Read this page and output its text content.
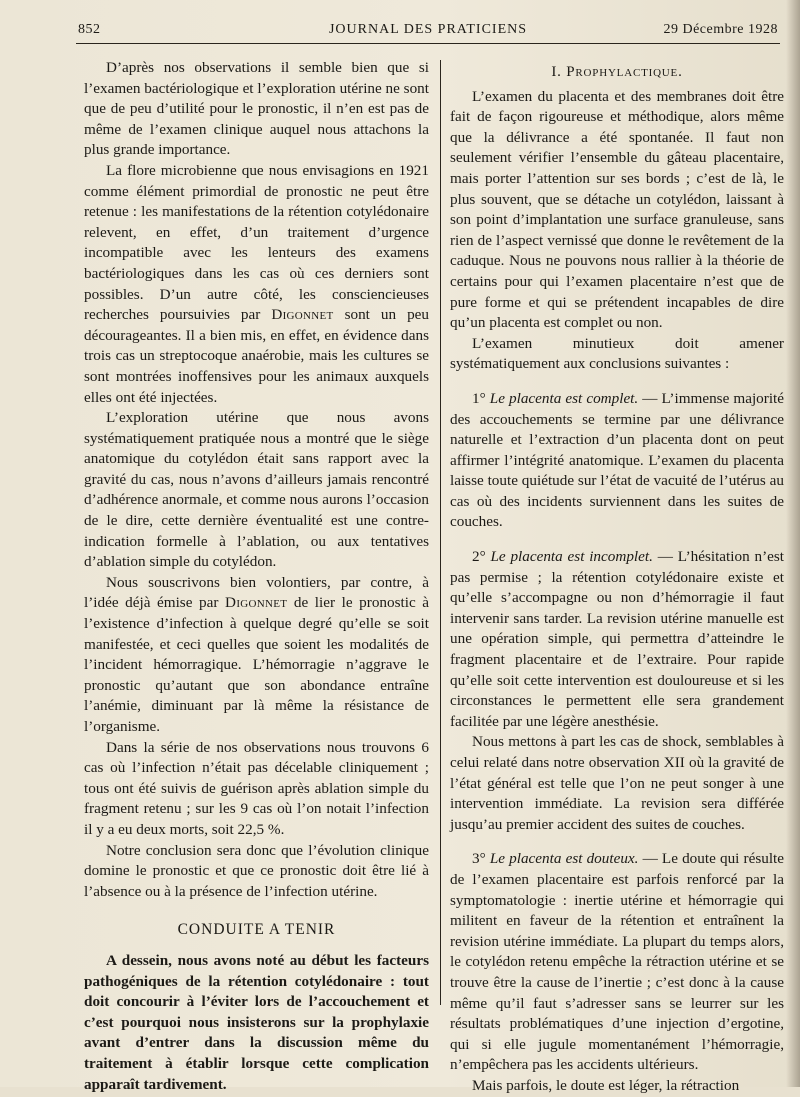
852	JOURNAL DES PRATICIENS	29 Décembre 1928

D’après nos observations il semble bien que si l’examen bactériologique et l’exploration utérine ne sont que de peu d’utilité pour le pronostic, il n’en est pas de même de l’examen clinique auquel nous attachons la plus grande importance.

La flore microbienne que nous envisagions en 1921 comme élément primordial de pronostic ne peut être retenue : les manifestations de la rétention cotylédonaire relevent, en effet, d’un traitement d’urgence incompatible avec les lenteurs des examens bactériologiques dans les cas où ces derniers sont possibles. D’un autre côté, les consciencieuses recherches poursuivies par Digonnet sont un peu décourageantes. Il a bien mis, en effet, en évidence dans trois cas un streptocoque anaérobie, mais les cultures se sont montrées inoffensives pour les animaux auxquels elles ont été injectées.

L’exploration utérine que nous avons systématiquement pratiquée nous a montré que le siège anatomique du cotylédon était sans rapport avec la gravité du cas, nous n’avons d’ailleurs jamais rencontré d’adhérence anormale, et comme nous aurons l’occasion de le dire, cette dernière éventualité est une contre-indication formelle à l’ablation, ou aux tentatives d’ablation simple du cotylédon.

Nous souscrivons bien volontiers, par contre, à l’idée déjà émise par Digonnet de lier le pronostic à l’existence d’infection à quelque degré qu’elle se soit manifestée, et ceci quelles que soient les modalités de l’incident hémorragique. L’hémorragie n’aggrave le pronostic qu’autant que son abondance entraîne l’anémie, diminuant par là même la résistance de l’organisme.

Dans la série de nos observations nous trouvons 6 cas où l’infection n’était pas décelable cliniquement ; tous ont été suivis de guérison après ablation simple du fragment retenu ; sur les 9 cas où l’on notait l’infection il y a eu deux morts, soit 22,5 %.

Notre conclusion sera donc que l’évolution clinique domine le pronostic et que ce pronostic doit être lié à l’absence ou à la présence de l’infection utérine.

CONDUITE A TENIR

A dessein, nous avons noté au début les facteurs pathogéniques de la rétention cotylédonaire : tout doit concourir à l’éviter lors de l’accouchement et c’est pourquoi nous insisterons sur la prophylaxie avant d’entrer dans la discussion même du traitement à établir lorsque cette complication apparaît tardivement.

I. Prophylactique.

L’examen du placenta et des membranes doit être fait de façon rigoureuse et méthodique, alors même que la délivrance a été spontanée. Il faut non seulement vérifier l’ensemble du gâteau placentaire, mais porter l’attention sur ses bords ; c’est de là, le plus souvent, que se détache un cotylédon, laissant à son point d’implantation une surface granuleuse, sans rien de l’aspect vernissé que donne le revêtement de la caduque. Nous ne pouvons nous rallier à la théorie de certains pour qui l’examen placentaire n’est que de pure forme et qui se prétendent incapables de dire qu’un placenta est complet ou non.

L’examen minutieux doit amener systématiquement aux conclusions suivantes :

1° Le placenta est complet. — L’immense majorité des accouchements se termine par une délivrance naturelle et l’extraction d’un placenta dont on peut affirmer l’intégrité anatomique. L’examen du placenta laisse toute quiétude sur l’état de vacuité de l’utérus au cas où des incidents surviennent dans les suites de couches.

2° Le placenta est incomplet. — L’hésitation n’est pas permise ; la rétention cotylédonaire existe et qu’elle s’accompagne ou non d’hémorragie il faut intervenir sans tarder. La revision utérine manuelle est une opération simple, qui permettra d’atteindre le fragment placentaire et de l’extraire. Pour rapide qu’elle soit cette intervention est douloureuse et si les circonstances le permettent elle sera grandement facilitée par une légère anesthésie.

Nous mettons à part les cas de shock, semblables à celui relaté dans notre observation XII où la gravité de l’état général est telle que l’on ne peut songer à une intervention immédiate. La revision sera différée jusqu’au premier accident des suites de couches.

3° Le placenta est douteux. — Le doute qui résulte de l’examen placentaire est parfois renforcé par la symptomatologie : inertie utérine et hémorragie qui militent en faveur de la rétention et entraînent la revision utérine immédiate. La plupart du temps alors, le cotylédon retenu empêche la rétraction utérine et se trouve être la cause de l’inertie ; c’est donc à la cause même qu’il faut s’adresser sans se leurrer sur les résultats problématiques d’une injection d’ergotine, qui si elle jugule momentanément l’hémorragie, n’empêchera pas les accidents ultérieurs.

Mais parfois, le doute est léger, la rétraction
